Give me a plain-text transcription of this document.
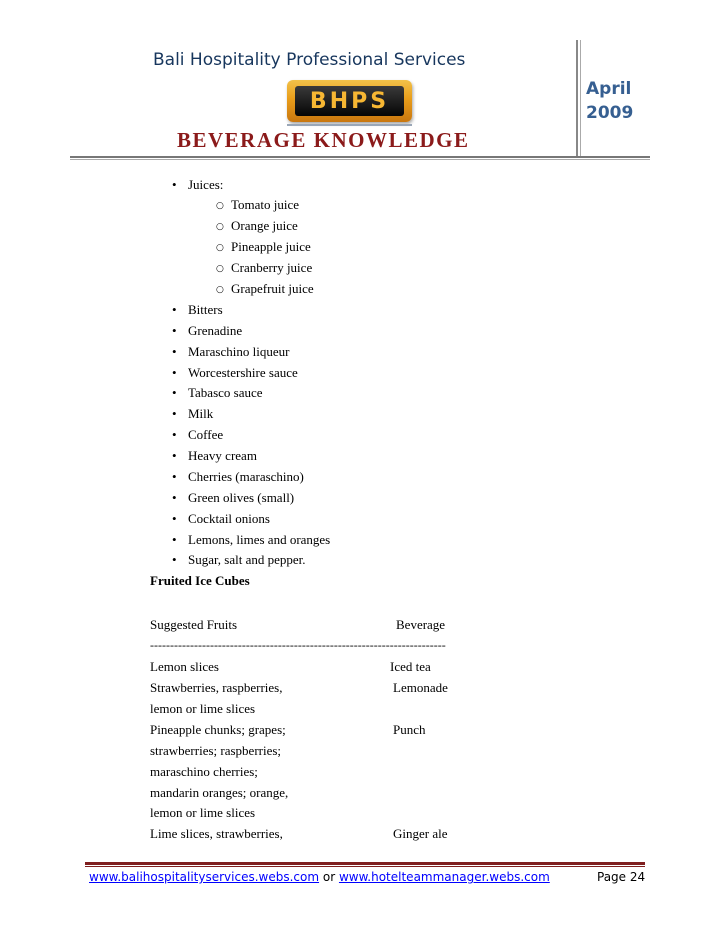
Bali Hospitality Professional Services
BHPS
BEVERAGE KNOWLEDGE
April
2009
• Juices:
○ Tomato juice
○ Orange juice
○ Pineapple juice
○ Cranberry juice
○ Grapefruit juice
• Bitters
• Grenadine
• Maraschino liqueur
• Worcestershire sauce
• Tabasco sauce
• Milk
• Coffee
• Heavy cream
• Cherries (maraschino)
• Green olives (small)
• Cocktail onions
• Lemons, limes and oranges
• Sugar, salt and pepper.
Fruited Ice Cubes
Suggested Fruits	Beverage
--------------------------------------------------------------------------
Lemon slices	Iced tea
Strawberries, raspberries,	Lemonade
lemon or lime slices
Pineapple chunks; grapes;	Punch
strawberries; raspberries;
maraschino cherries;
mandarin oranges; orange,
lemon or lime slices
Lime slices, strawberries,	Ginger ale
www.balihospitalityservices.webs.com or www.hotelteammanager.webs.com	Page 24
